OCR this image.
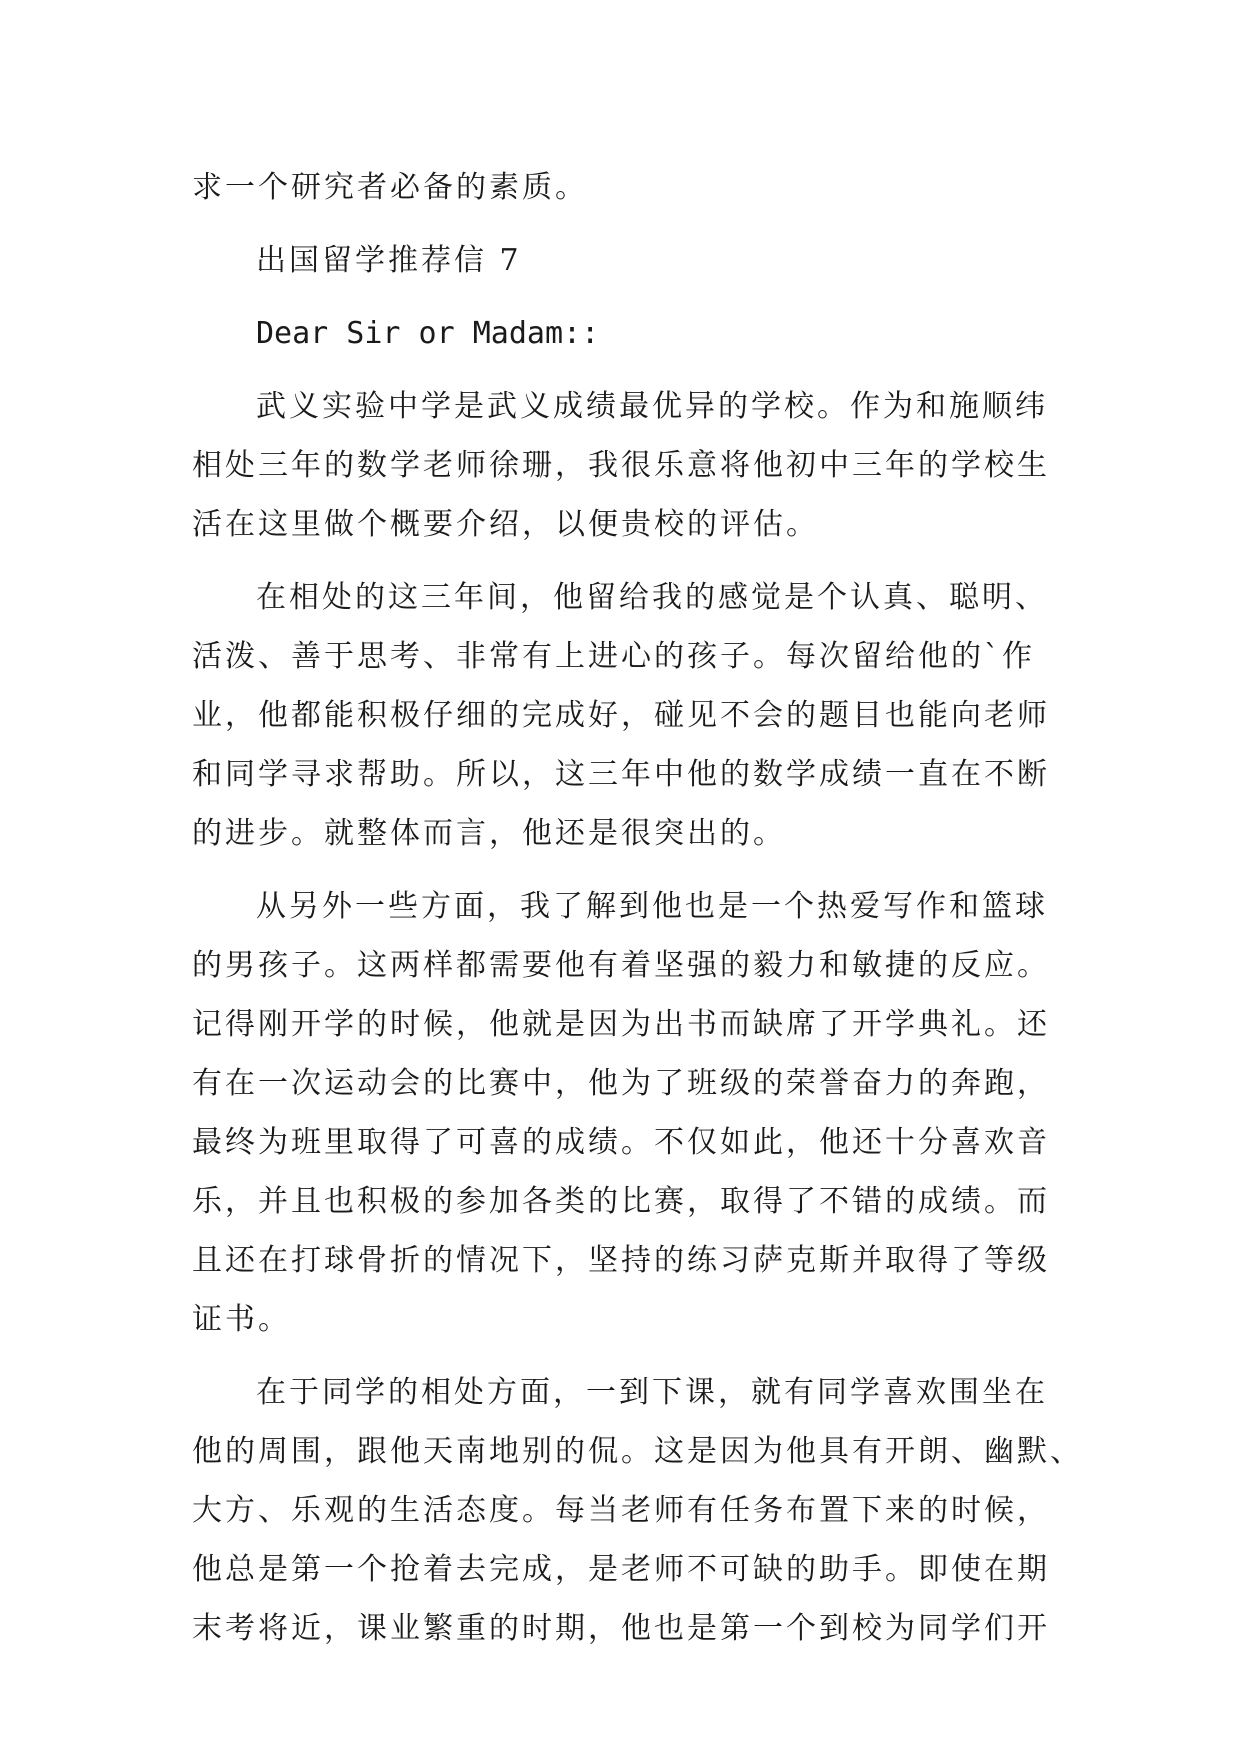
求一个研究者必备的素质。
出国留学推荐信 7
Dear Sir or Madam::
武义实验中学是武义成绩最优异的学校。作为和施顺纬
相处三年的数学老师徐珊，我很乐意将他初中三年的学校生
活在这里做个概要介绍，以便贵校的评估。
在相处的这三年间，他留给我的感觉是个认真、聪明、
活泼、善于思考、非常有上进心的孩子。每次留给他的`作
业，他都能积极仔细的完成好，碰见不会的题目也能向老师
和同学寻求帮助。所以，这三年中他的数学成绩一直在不断
的进步。就整体而言，他还是很突出的。
从另外一些方面，我了解到他也是一个热爱写作和篮球
的男孩子。这两样都需要他有着坚强的毅力和敏捷的反应。
记得刚开学的时候，他就是因为出书而缺席了开学典礼。还
有在一次运动会的比赛中，他为了班级的荣誉奋力的奔跑，
最终为班里取得了可喜的成绩。不仅如此，他还十分喜欢音
乐，并且也积极的参加各类的比赛，取得了不错的成绩。而
且还在打球骨折的情况下，坚持的练习萨克斯并取得了等级
证书。
在于同学的相处方面，一到下课，就有同学喜欢围坐在
他的周围，跟他天南地别的侃。这是因为他具有开朗、幽默、
大方、乐观的生活态度。每当老师有任务布置下来的时候，
他总是第一个抢着去完成，是老师不可缺的助手。即使在期
末考将近，课业繁重的时期，他也是第一个到校为同学们开
